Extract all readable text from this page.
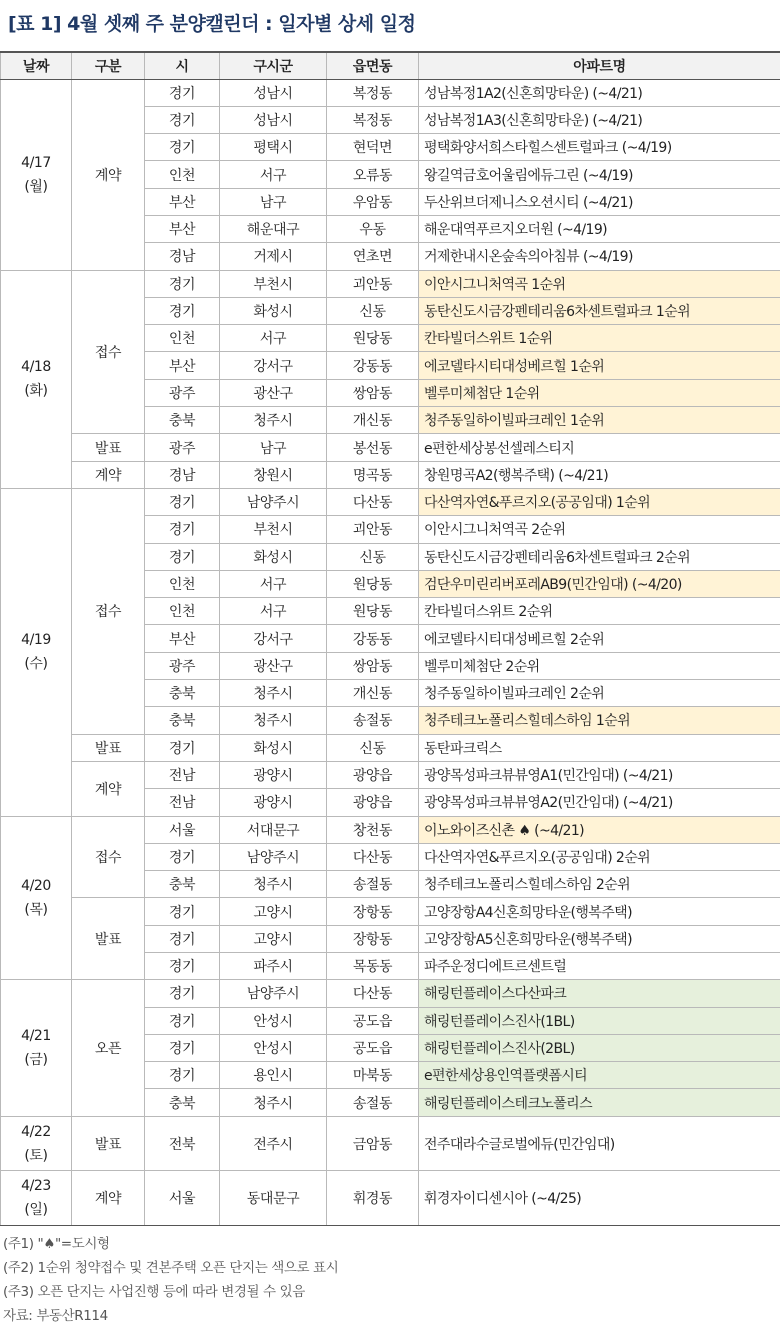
[표 1] 4월 셋째 주 분양캘린더 : 일자별 상세 일정
날짜	구분	시	구시군	읍면동	아파트명

4/17
(월)	계약	경기	성남시	복정동	성남복정1A2(신혼희망타운) (~4/21)
		경기	성남시	복정동	성남복정1A3(신혼희망타운) (~4/21)
		경기	평택시	현덕면	평택화양서희스타힐스센트럴파크 (~4/19)
		인천	서구	오류동	왕길역금호어울림에듀그린 (~4/19)
		부산	남구	우암동	두산위브더제니스오션시티 (~4/21)
		부산	해운대구	우동	해운대역푸르지오더원 (~4/19)
		경남	거제시	연초면	거제한내시온숲속의아침뷰 (~4/19)

4/18
(화)	접수	경기	부천시	괴안동	이안시그니처역곡 1순위
		경기	화성시	신동	동탄신도시금강펜테리움6차센트럴파크 1순위
		인천	서구	원당동	칸타빌더스위트 1순위
		부산	강서구	강동동	에코델타시티대성베르힐 1순위
		광주	광산구	쌍암동	벨루미체첨단 1순위
		충북	청주시	개신동	청주동일하이빌파크레인 1순위
	발표	광주	남구	봉선동	e편한세상봉선셀레스티지
	계약	경남	창원시	명곡동	창원명곡A2(행복주택) (~4/21)

4/19
(수)	접수	경기	남양주시	다산동	다산역자연&푸르지오(공공임대) 1순위
		경기	부천시	괴안동	이안시그니처역곡 2순위
		경기	화성시	신동	동탄신도시금강펜테리움6차센트럴파크 2순위
		인천	서구	원당동	검단우미린리버포레AB9(민간임대) (~4/20)
		인천	서구	원당동	칸타빌더스위트 2순위
		부산	강서구	강동동	에코델타시티대성베르힐 2순위
		광주	광산구	쌍암동	벨루미체첨단 2순위
		충북	청주시	개신동	청주동일하이빌파크레인 2순위
		충북	청주시	송절동	청주테크노폴리스힐데스하임 1순위
	발표	경기	화성시	신동	동탄파크릭스
	계약	전남	광양시	광양읍	광양목성파크뷰뷰영A1(민간임대) (~4/21)
		전남	광양시	광양읍	광양목성파크뷰뷰영A2(민간임대) (~4/21)

4/20
(목)	접수	서울	서대문구	창천동	이노와이즈신촌 ♠ (~4/21)
		경기	남양주시	다산동	다산역자연&푸르지오(공공임대) 2순위
		충북	청주시	송절동	청주테크노폴리스힐데스하임 2순위
	발표	경기	고양시	장항동	고양장항A4신혼희망타운(행복주택)
		경기	고양시	장항동	고양장항A5신혼희망타운(행복주택)
		경기	파주시	목동동	파주운정디에트르센트럴

4/21
(금)	오픈	경기	남양주시	다산동	해링턴플레이스다산파크
		경기	안성시	공도읍	해링턴플레이스진사(1BL)
		경기	안성시	공도읍	해링턴플레이스진사(2BL)
		경기	용인시	마북동	e편한세상용인역플랫폼시티
		충북	청주시	송절동	해링턴플레이스테크노폴리스

4/22
(토)	발표	전북	전주시	금암동	전주대라수글로벌에듀(민간임대)

4/23
(일)	계약	서울	동대문구	휘경동	휘경자이디센시아 (~4/25)
(주1) "♠"=도시형
(주2) 1순위 청약접수 및 견본주택 오픈 단지는 색으로 표시
(주3) 오픈 단지는 사업진행 등에 따라 변경될 수 있음
자료: 부동산R114
